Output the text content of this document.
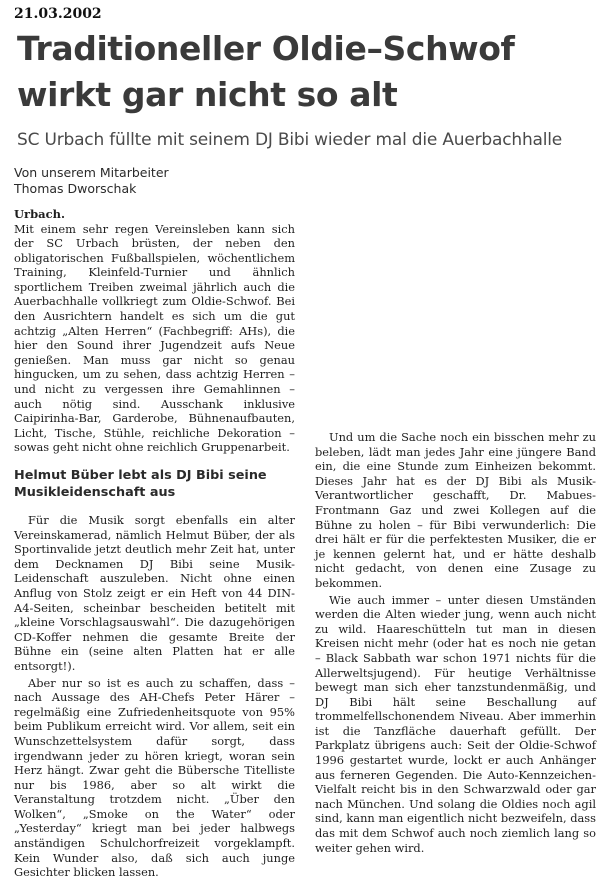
21.03.2002
Traditioneller Oldie–Schwof
wirkt gar nicht so alt
SC Urbach füllte mit seinem DJ Bibi wieder mal die Auerbachhalle
Von unserem Mitarbeiter
Thomas Dworschak

Urbach.

Mit einem sehr regen Vereinsleben kann sich der SC Urbach brüsten, der neben den obligatorischen Fußballspielen, wöchentlichem Training, Kleinfeld-Turnier und ähnlich sportlichem Treiben zweimal jährlich auch die Auerbachhalle vollkriegt zum Oldie-Schwof. Bei den Ausrichtern handelt es sich um die gut achtzig „Alten Herren“ (Fachbegriff: AHs), die hier den Sound ihrer Jugendzeit aufs Neue genießen. Man muss gar nicht so genau hingucken, um zu sehen, dass achtzig Herren – und nicht zu vergessen ihre Gemahlinnen – auch nötig sind. Ausschank inklusive Caipirinha-Bar, Garderobe, Bühnenaufbauten, Licht, Tische, Stühle, reichliche Dekoration – sowas geht nicht ohne reichlich Gruppenarbeit.

Helmut Büber lebt als DJ Bibi seine Musikleidenschaft aus

Für die Musik sorgt ebenfalls ein alter Vereinskamerad, nämlich Helmut Büber, der als Sportinvalide jetzt deutlich mehr Zeit hat, unter dem Decknamen DJ Bibi seine Musik-Leidenschaft auszuleben. Nicht ohne einen Anflug von Stolz zeigt er ein Heft von 44 DIN-A4-Seiten, scheinbar bescheiden betitelt mit „kleine Vorschlagsauswahl“. Die dazugehörigen CD-Koffer nehmen die gesamte Breite der Bühne ein (seine alten Platten hat er alle entsorgt!).

Aber nur so ist es auch zu schaffen, dass – nach Aussage des AH-Chefs Peter Härer – regelmäßig eine Zufriedenheitsquote von 95% beim Publikum erreicht wird. Vor allem, seit ein Wunschzettelsystem dafür sorgt, dass irgendwann jeder zu hören kriegt, woran sein Herz hängt. Zwar geht die Bübersche Titelliste nur bis 1986, aber so alt wirkt die Veranstaltung trotzdem nicht. „Über den Wolken“, „Smoke on the Water“ oder „Yesterday“ kriegt man bei jeder halbwegs anständigen Schulchorfreizeit vorgeklampft. Kein Wunder also, daß sich auch junge Gesichter blicken lassen.

Und um die Sache noch ein bisschen mehr zu beleben, lädt man jedes Jahr eine jüngere Band ein, die eine Stunde zum Einheizen bekommt. Dieses Jahr hat es der DJ Bibi als Musik-Verantwortlicher geschafft, Dr. Mabues-Frontmann Gaz und zwei Kollegen auf die Bühne zu holen – für Bibi verwunderlich: Die drei hält er für die perfektesten Musiker, die er je kennen gelernt hat, und er hätte deshalb nicht gedacht, von denen eine Zusage zu bekommen.

Wie auch immer – unter diesen Umständen werden die Alten wieder jung, wenn auch nicht zu wild. Haareschütteln tut man in diesen Kreisen nicht mehr (oder hat es noch nie getan – Black Sabbath war schon 1971 nichts für die Allerweltsjugend). Für heutige Verhältnisse bewegt man sich eher tanzstundenmäßig, und DJ Bibi hält seine Beschallung auf trommelfellschonendem Niveau. Aber immerhin ist die Tanzfläche dauerhaft gefüllt. Der Parkplatz übrigens auch: Seit der Oldie-Schwof 1996 gestartet wurde, lockt er auch Anhänger aus ferneren Gegenden. Die Auto-Kennzeichen-Vielfalt reicht bis in den Schwarzwald oder gar nach München. Und solang die Oldies noch agil sind, kann man eigentlich nicht bezweifeln, dass das mit dem Schwof auch noch ziemlich lang so weiter gehen wird.
